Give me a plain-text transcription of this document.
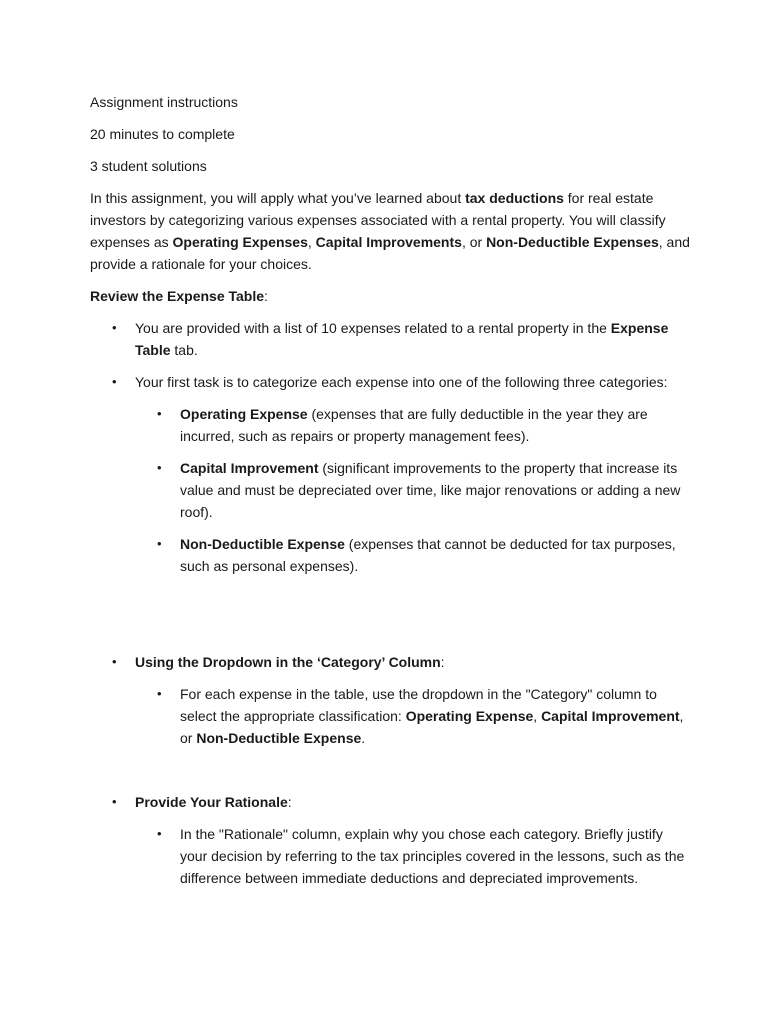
Assignment instructions

20 minutes to complete

3 student solutions

In this assignment, you will apply what you’ve learned about tax deductions for real estate investors by categorizing various expenses associated with a rental property. You will classify expenses as Operating Expenses, Capital Improvements, or Non-Deductible Expenses, and provide a rationale for your choices.

Review the Expense Table:

• You are provided with a list of 10 expenses related to a rental property in the Expense Table tab.
• Your first task is to categorize each expense into one of the following three categories:
• Operating Expense (expenses that are fully deductible in the year they are incurred, such as repairs or property management fees).
• Capital Improvement (significant improvements to the property that increase its value and must be depreciated over time, like major renovations or adding a new roof).
• Non-Deductible Expense (expenses that cannot be deducted for tax purposes, such as personal expenses).
• Using the Dropdown in the ‘Category’ Column:
• For each expense in the table, use the dropdown in the "Category" column to select the appropriate classification: Operating Expense, Capital Improvement, or Non-Deductible Expense.
• Provide Your Rationale:
• In the "Rationale" column, explain why you chose each category. Briefly justify your decision by referring to the tax principles covered in the lessons, such as the difference between immediate deductions and depreciated improvements.
